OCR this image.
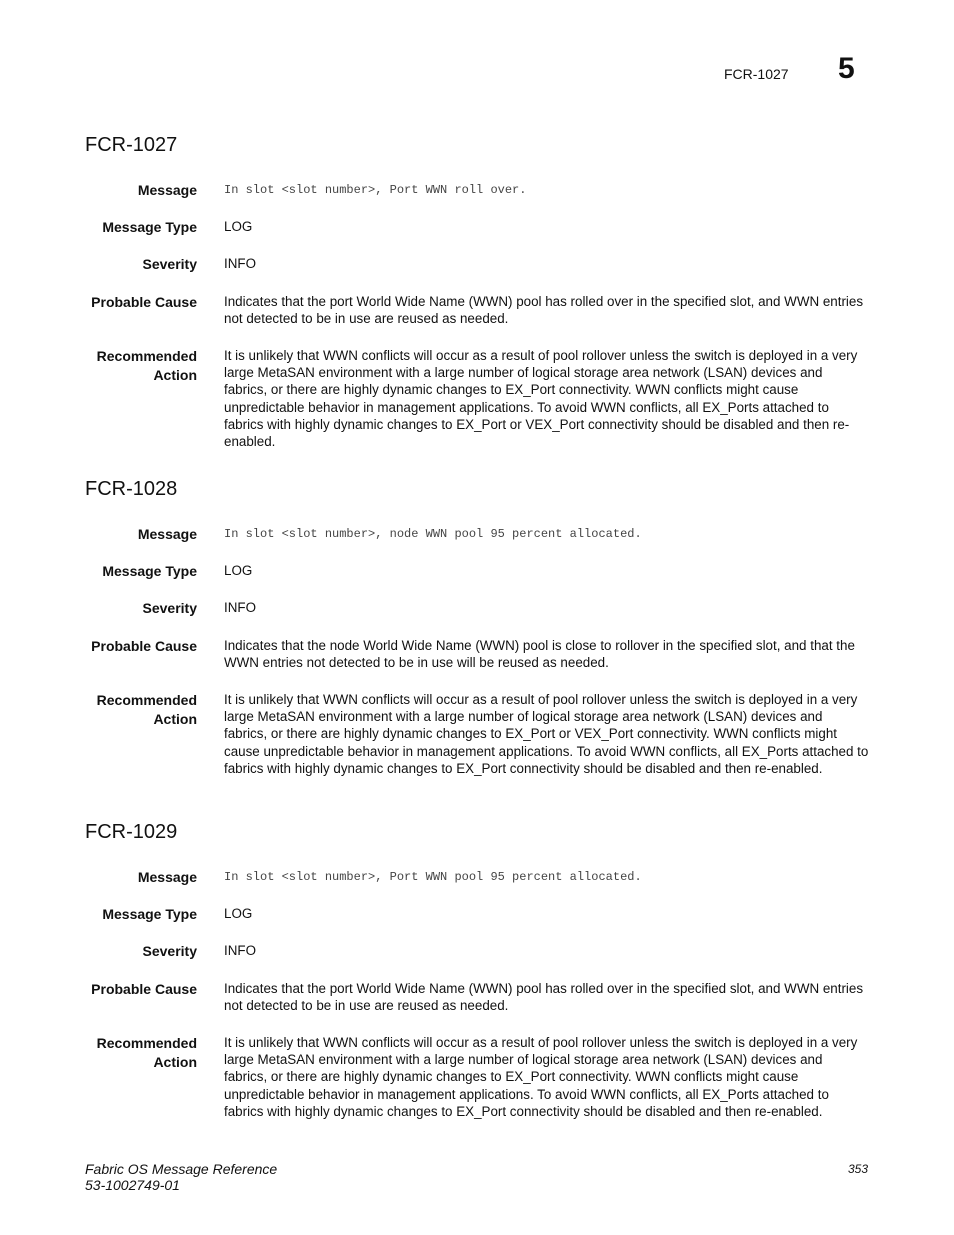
FCR-1027 5
FCR-1027
Message In slot <slot number>, Port WWN roll over.
Message Type LOG
Severity INFO
Probable Cause Indicates that the port World Wide Name (WWN) pool has rolled over in the specified slot, and WWN entries not detected to be in use are reused as needed.
Recommended
Action
It is unlikely that WWN conflicts will occur as a result of pool rollover unless the switch is deployed in a very large MetaSAN environment with a large number of logical storage area network (LSAN) devices and fabrics, or there are highly dynamic changes to EX_Port connectivity. WWN conflicts might cause unpredictable behavior in management applications. To avoid WWN conflicts, all EX_Ports attached to fabrics with highly dynamic changes to EX_Port or VEX_Port connectivity should be disabled and then re-enabled.
FCR-1028
Message In slot <slot number>, node WWN pool 95 percent allocated.
Message Type LOG
Severity INFO
Probable Cause Indicates that the node World Wide Name (WWN) pool is close to rollover in the specified slot, and that the WWN entries not detected to be in use will be reused as needed.
Recommended
Action
It is unlikely that WWN conflicts will occur as a result of pool rollover unless the switch is deployed in a very large MetaSAN environment with a large number of logical storage area network (LSAN) devices and fabrics, or there are highly dynamic changes to EX_Port or VEX_Port connectivity. WWN conflicts might cause unpredictable behavior in management applications. To avoid WWN conflicts, all EX_Ports attached to fabrics with highly dynamic changes to EX_Port connectivity should be disabled and then re-enabled.
FCR-1029
Message In slot <slot number>, Port WWN pool 95 percent allocated.
Message Type LOG
Severity INFO
Probable Cause Indicates that the port World Wide Name (WWN) pool has rolled over in the specified slot, and WWN entries not detected to be in use are reused as needed.
Recommended
Action
It is unlikely that WWN conflicts will occur as a result of pool rollover unless the switch is deployed in a very large MetaSAN environment with a large number of logical storage area network (LSAN) devices and fabrics, or there are highly dynamic changes to EX_Port connectivity. WWN conflicts might cause unpredictable behavior in management applications. To avoid WWN conflicts, all EX_Ports attached to fabrics with highly dynamic changes to EX_Port connectivity should be disabled and then re-enabled.
Fabric OS Message Reference
53-1002749-01
353
